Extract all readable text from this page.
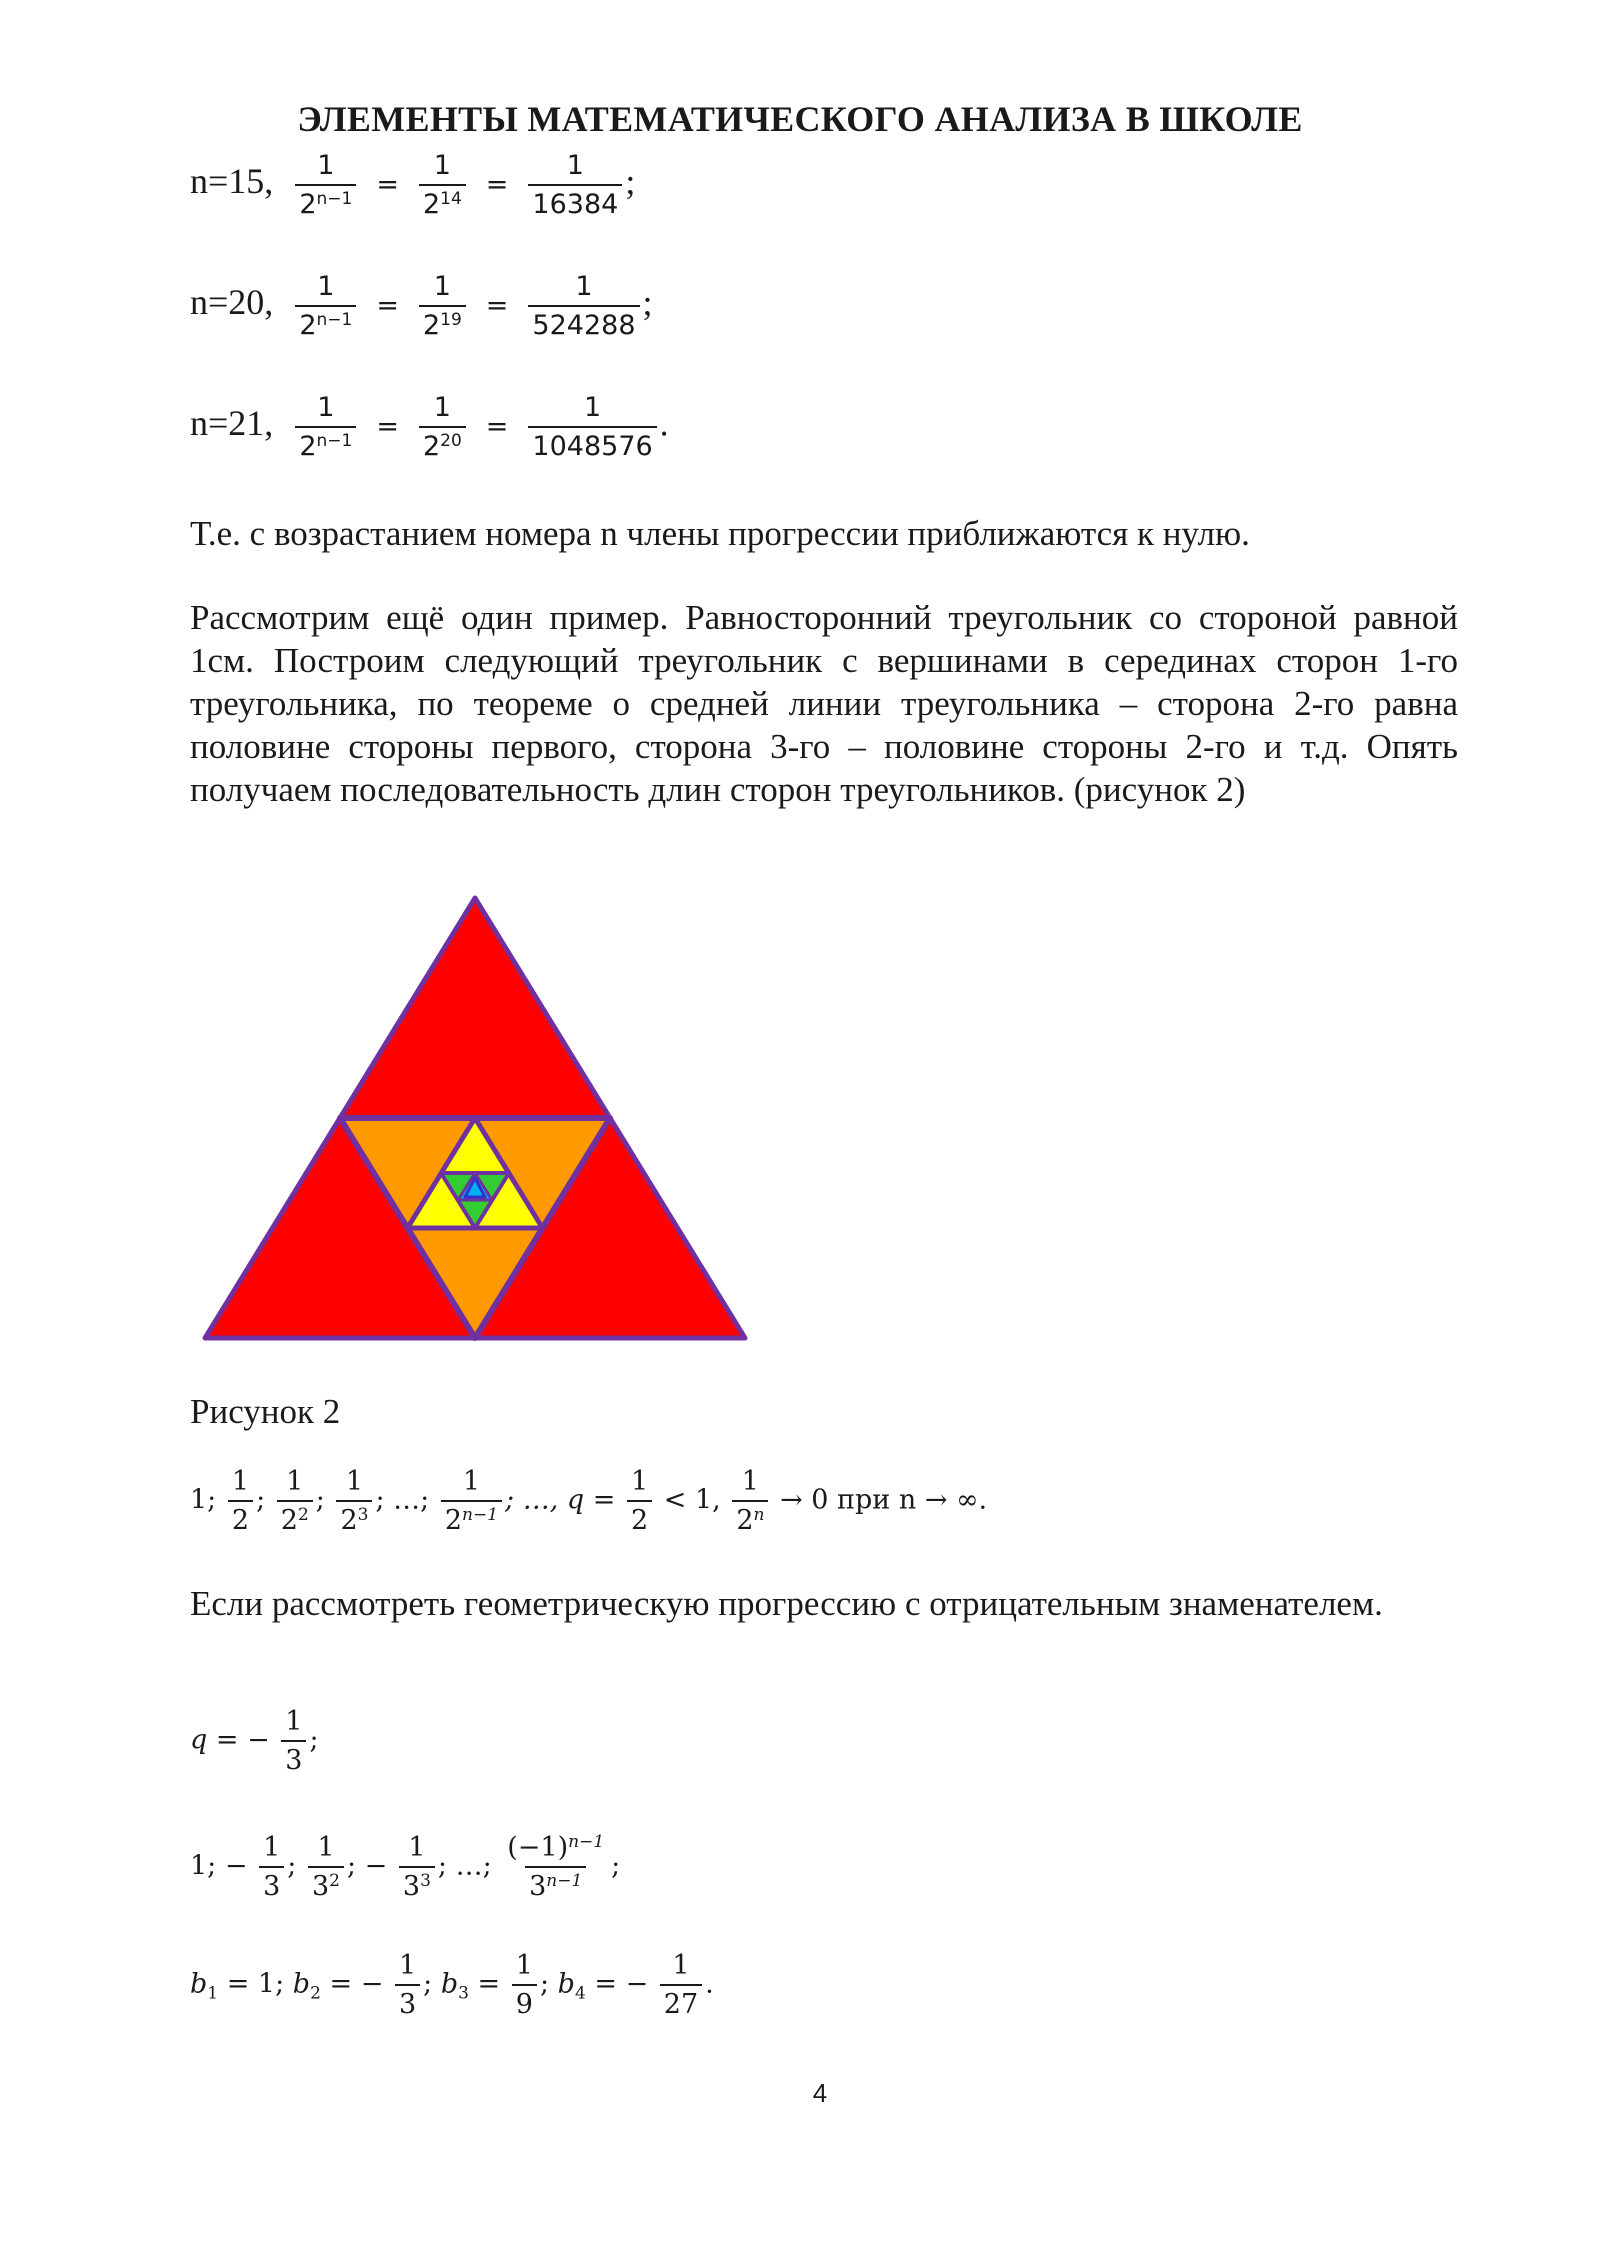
ЭЛЕМЕНТЫ МАТЕМАТИЧЕСКОГО АНАЛИЗА В ШКОЛЕ
n=15, $\frac{1}{2^{n-1}} = \frac{1}{2^{14}} = \frac{1}{16384}$ ;
n=20, $\frac{1}{2^{n-1}} = \frac{1}{2^{19}} = \frac{1}{524288}$ ;
n=21, $\frac{1}{2^{n-1}} = \frac{1}{2^{20}} = \frac{1}{1048576}$ .
Т.е. с возрастанием номера n члены прогрессии приближаются к нулю.
Рассмотрим ещё один пример. Равносторонний треугольник со стороной равной 1см. Построим следующий треугольник с вершинами в серединах сторон 1-го треугольника, по теореме о средней линии треугольника – сторона 2-го равна половине стороны первого, сторона 3-го – половине стороны 2-го и т.д. Опять получаем последовательность длин сторон треугольников. (рисунок 2)
Рисунок 2
1; $\frac{1}{2}$ ; $\frac{1}{2^2}$ ; $\frac{1}{2^3}$ ; …; $\frac{1}{2^{n-1}}$ ; …, $q = \frac{1}{2} < 1$, $\frac{1}{2^n} \to 0$ при n → ∞.
Если рассмотреть геометрическую прогрессию с отрицательным знаменателем.
q = − $\frac{1}{3}$ ;
1; − $\frac{1}{3}$ ; $\frac{1}{3^2}$ ; − $\frac{1}{3^3}$ ; …; $\frac{(-1)^{n-1}}{3^{n-1}}$ ;
$b_1 = 1$; $b_2$ = − $\frac{1}{3}$ ; $b_3 = \frac{1}{9}$ ; $b_4$ = − $\frac{1}{27}$ .
4
